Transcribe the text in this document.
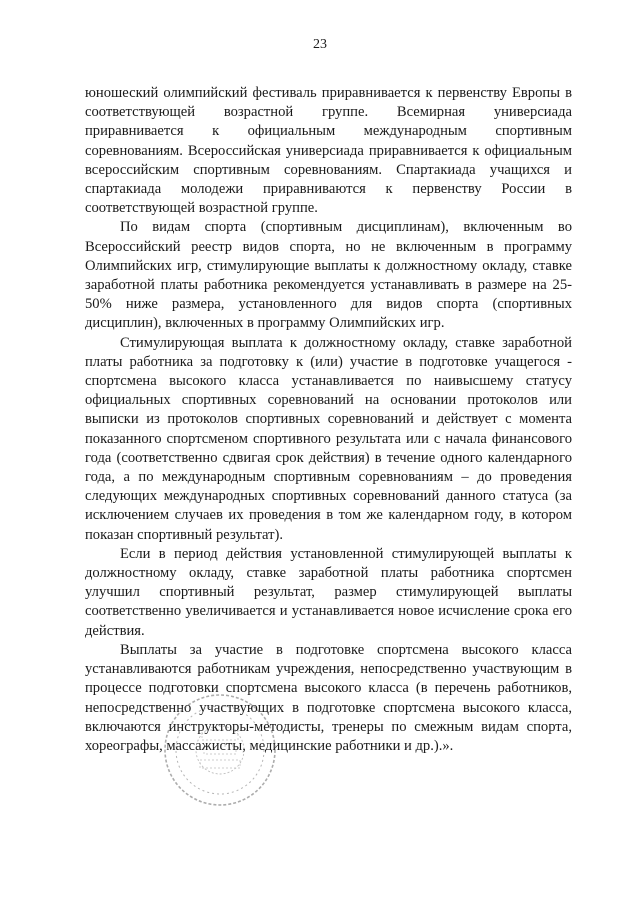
23

юношеский олимпийский фестиваль приравнивается к первенству Европы в соответствующей возрастной группе. Всемирная универсиада приравнивается к официальным международным спортивным соревнованиям. Всероссийская универсиада приравнивается к официальным всероссийским спортивным соревнованиям. Спартакиада учащихся и спартакиада молодежи приравниваются к первенству России в соответствующей возрастной группе.

По видам спорта (спортивным дисциплинам), включенным во Всероссийский реестр видов спорта, но не включенным в программу Олимпийских игр, стимулирующие выплаты к должностному окладу, ставке заработной платы работника рекомендуется устанавливать в размере на 25-50% ниже размера, установленного для видов спорта (спортивных дисциплин), включенных в программу Олимпийских игр.

Стимулирующая выплата к должностному окладу, ставке заработной платы работника за подготовку к (или) участие в подготовке учащегося - спортсмена высокого класса устанавливается по наивысшему статусу официальных спортивных соревнований на основании протоколов или выписки из протоколов спортивных соревнований и действует с момента показанного спортсменом спортивного результата или с начала финансового года (соответственно сдвигая срок действия) в течение одного календарного года, а по международным спортивным соревнованиям – до проведения следующих международных спортивных соревнований данного статуса (за исключением случаев их проведения в том же календарном году, в котором показан спортивный результат).

Если в период действия установленной стимулирующей выплаты к должностному окладу, ставке заработной платы работника спортсмен улучшил спортивный результат, размер стимулирующей выплаты соответственно увеличивается и устанавливается новое исчисление срока его действия.

Выплаты за участие в подготовке спортсмена высокого класса устанавливаются работникам учреждения, непосредственно участвующим в процессе подготовки спортсмена высокого класса (в перечень работников, непосредственно участвующих в подготовке спортсмена высокого класса, включаются инструкторы-методисты, тренеры по смежным видам спорта, хореографы, массажисты, медицинские работники и др.).».
